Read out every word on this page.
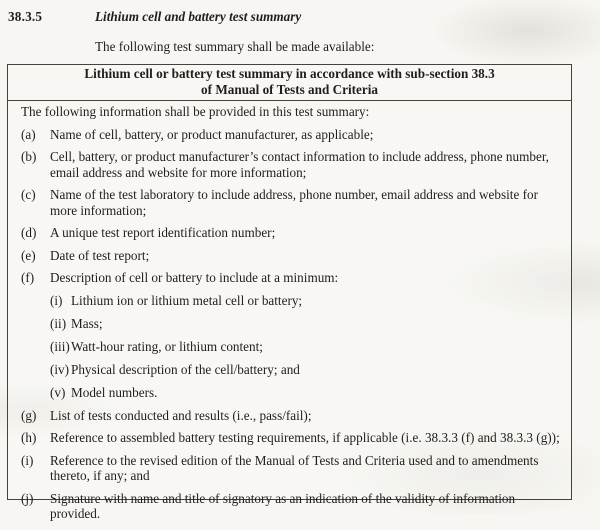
38.3.5	Lithium cell and battery test summary
The following test summary shall be made available:
Lithium cell or battery test summary in accordance with sub-section 38.3
of Manual of Tests and Criteria
The following information shall be provided in this test summary:
(a) Name of cell, battery, or product manufacturer, as applicable;
(b) Cell, battery, or product manufacturer’s contact information to include address, phone number, email address and website for more information;
(c) Name of the test laboratory to include address, phone number, email address and website for more information;
(d) A unique test report identification number;
(e) Date of test report;
(f) Description of cell or battery to include at a minimum:
(i) Lithium ion or lithium metal cell or battery;
(ii) Mass;
(iii) Watt-hour rating, or lithium content;
(iv) Physical description of the cell/battery; and
(v) Model numbers.
(g) List of tests conducted and results (i.e., pass/fail);
(h) Reference to assembled battery testing requirements, if applicable (i.e. 38.3.3 (f) and 38.3.3 (g));
(i) Reference to the revised edition of the Manual of Tests and Criteria used and to amendments thereto, if any; and
(j) Signature with name and title of signatory as an indication of the validity of information provided.
